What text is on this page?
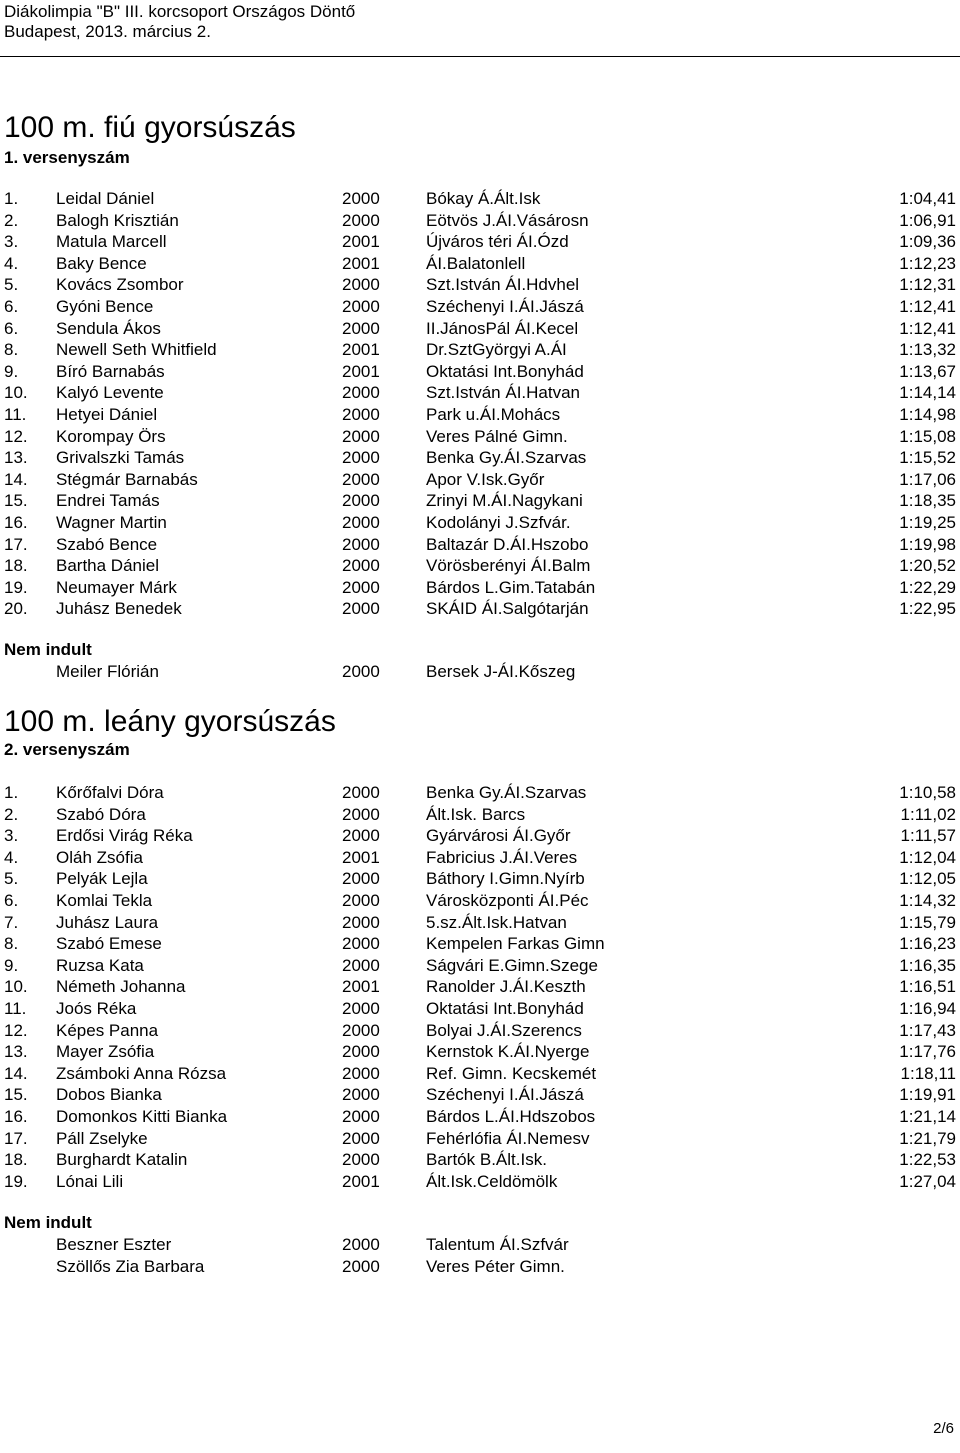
Diákolimpia "B" III. korcsoport Országos Döntő
Budapest, 2013. március 2.
100 m. fiú gyorsúszás
1. versenyszám
1. Leidal Dániel	2000	Bókay Á.Ált.Isk	1:04,41
2. Balogh Krisztián	2000	Eötvös J.ÁI.Vásárosn	1:06,91
3. Matula Marcell	2001	Újváros téri ÁI.Ózd	1:09,36
4. Baky Bence	2001	ÁI.Balatonlell	1:12,23
5. Kovács Zsombor	2000	Szt.István ÁI.Hdvhel	1:12,31
6. Gyóni Bence	2000	Széchenyi I.ÁI.Jászá	1:12,41
6. Sendula Ákos	2000	II.JánosPál ÁI.Kecel	1:12,41
8. Newell Seth Whitfield	2001	Dr.SztGyörgyi A.ÁI	1:13,32
9. Bíró Barnabás	2001	Oktatási Int.Bonyhád	1:13,67
10. Kalyó Levente	2000	Szt.István ÁI.Hatvan	1:14,14
11. Hetyei Dániel	2000	Park u.ÁI.Mohács	1:14,98
12. Korompay Örs	2000	Veres Pálné Gimn.	1:15,08
13. Grivalszki Tamás	2000	Benka Gy.ÁI.Szarvas	1:15,52
14. Stégmár Barnabás	2000	Apor V.Isk.Győr	1:17,06
15. Endrei Tamás	2000	Zrinyi M.ÁI.Nagykani	1:18,35
16. Wagner Martin	2000	Kodolányi J.Szfvár.	1:19,25
17. Szabó Bence	2000	Baltazár D.ÁI.Hszobo	1:19,98
18. Bartha Dániel	2000	Vörösberényi ÁI.Balm	1:20,52
19. Neumayer Márk	2000	Bárdos L.Gim.Tatabán	1:22,29
20. Juhász Benedek	2000	SKÁID ÁI.Salgótarján	1:22,95
Nem indult
Meiler Flórián	2000	Bersek J-ÁI.Kőszeg
100 m. leány gyorsúszás
2. versenyszám
1. Kőrőfalvi Dóra	2000	Benka Gy.ÁI.Szarvas	1:10,58
2. Szabó Dóra	2000	Ált.Isk. Barcs	1:11,02
3. Erdősi Virág Réka	2000	Gyárvárosi ÁI.Győr	1:11,57
4. Oláh Zsófia	2001	Fabricius J.ÁI.Veres	1:12,04
5. Pelyák Lejla	2000	Báthory I.Gimn.Nyírb	1:12,05
6. Komlai Tekla	2000	Városközponti ÁI.Péc	1:14,32
7. Juhász Laura	2000	5.sz.Ált.Isk.Hatvan	1:15,79
8. Szabó Emese	2000	Kempelen Farkas Gimn	1:16,23
9. Ruzsa Kata	2000	Ságvári E.Gimn.Szege	1:16,35
10. Németh Johanna	2001	Ranolder J.ÁI.Keszth	1:16,51
11. Joós Réka	2000	Oktatási Int.Bonyhád	1:16,94
12. Képes Panna	2000	Bolyai J.ÁI.Szerencs	1:17,43
13. Mayer Zsófia	2000	Kernstok K.ÁI.Nyerge	1:17,76
14. Zsámboki Anna Rózsa	2000	Ref. Gimn. Kecskemét	1:18,11
15. Dobos Bianka	2000	Széchenyi I.ÁI.Jászá	1:19,91
16. Domonkos Kitti Bianka	2000	Bárdos L.ÁI.Hdszobos	1:21,14
17. Páll Zselyke	2000	Fehérlófia ÁI.Nemesv	1:21,79
18. Burghardt Katalin	2000	Bartók B.Ált.Isk.	1:22,53
19. Lónai Lili	2001	Ált.Isk.Celdömölk	1:27,04
Nem indult
Beszner Eszter	2000	Talentum ÁI.Szfvár
Szöllős Zia Barbara	2000	Veres Péter Gimn.
2/6
